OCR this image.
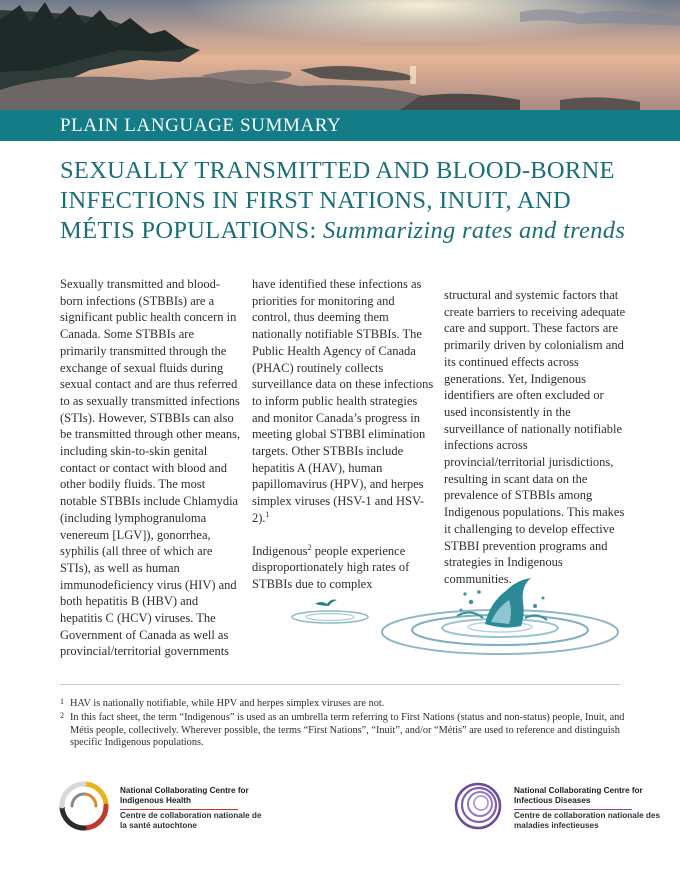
PLAIN LANGUAGE SUMMARY
SEXUALLY TRANSMITTED AND BLOOD-BORNE
INFECTIONS IN FIRST NATIONS, INUIT, AND
MÉTIS POPULATIONS: Summarizing rates and trends

Sexually transmitted and blood-born infections (STBBIs) are a significant public health concern in Canada. Some STBBIs are primarily transmitted through the exchange of sexual fluids during sexual contact and are thus referred to as sexually transmitted infections (STIs). However, STBBIs can also be transmitted through other means, including skin-to-skin genital contact or contact with blood and other bodily fluids. The most notable STBBIs include Chlamydia (including lymphogranuloma venereum [LGV]), gonorrhea, syphilis (all three of which are STIs), as well as human immunodeficiency virus (HIV) and both hepatitis B (HBV) and hepatitis C (HCV) viruses. The Government of Canada as well as provincial/territorial governments

have identified these infections as priorities for monitoring and control, thus deeming them nationally notifiable STBBIs. The Public Health Agency of Canada (PHAC) routinely collects surveillance data on these infections to inform public health strategies and monitor Canada’s progress in meeting global STBBI elimination targets. Other STBBIs include hepatitis A (HAV), human papillomavirus (HPV), and herpes simplex viruses (HSV-1 and HSV-2).$^1$

Indigenous$^2$ people experience disproportionately high rates of STBBIs due to complex

structural and systemic factors that create barriers to receiving adequate care and support. These factors are primarily driven by colonialism and its continued effects across generations. Yet, Indigenous identifiers are often excluded or used inconsistently in the surveillance of nationally notifiable infections across provincial/territorial jurisdictions, resulting in scant data on the prevalence of STBBIs among Indigenous populations. This makes it challenging to develop effective STBBI prevention programs and strategies in Indigenous communities.

1 HAV is nationally notifiable, while HPV and herpes simplex viruses are not.
2 In this fact sheet, the term “Indigenous” is used as an umbrella term referring to First Nations (status and non-status) people, Inuit, and Métis people, collectively. Wherever possible, the terms “First Nations”, “Inuit”, and/or “Métis” are used to reference and distinguish specific Indigenous populations.
National Collaborating Centre for Indigenous Health
Centre de collaboration nationale de la santé autochtone
National Collaborating Centre for Infectious Diseases
Centre de collaboration nationale des maladies infectieuses
